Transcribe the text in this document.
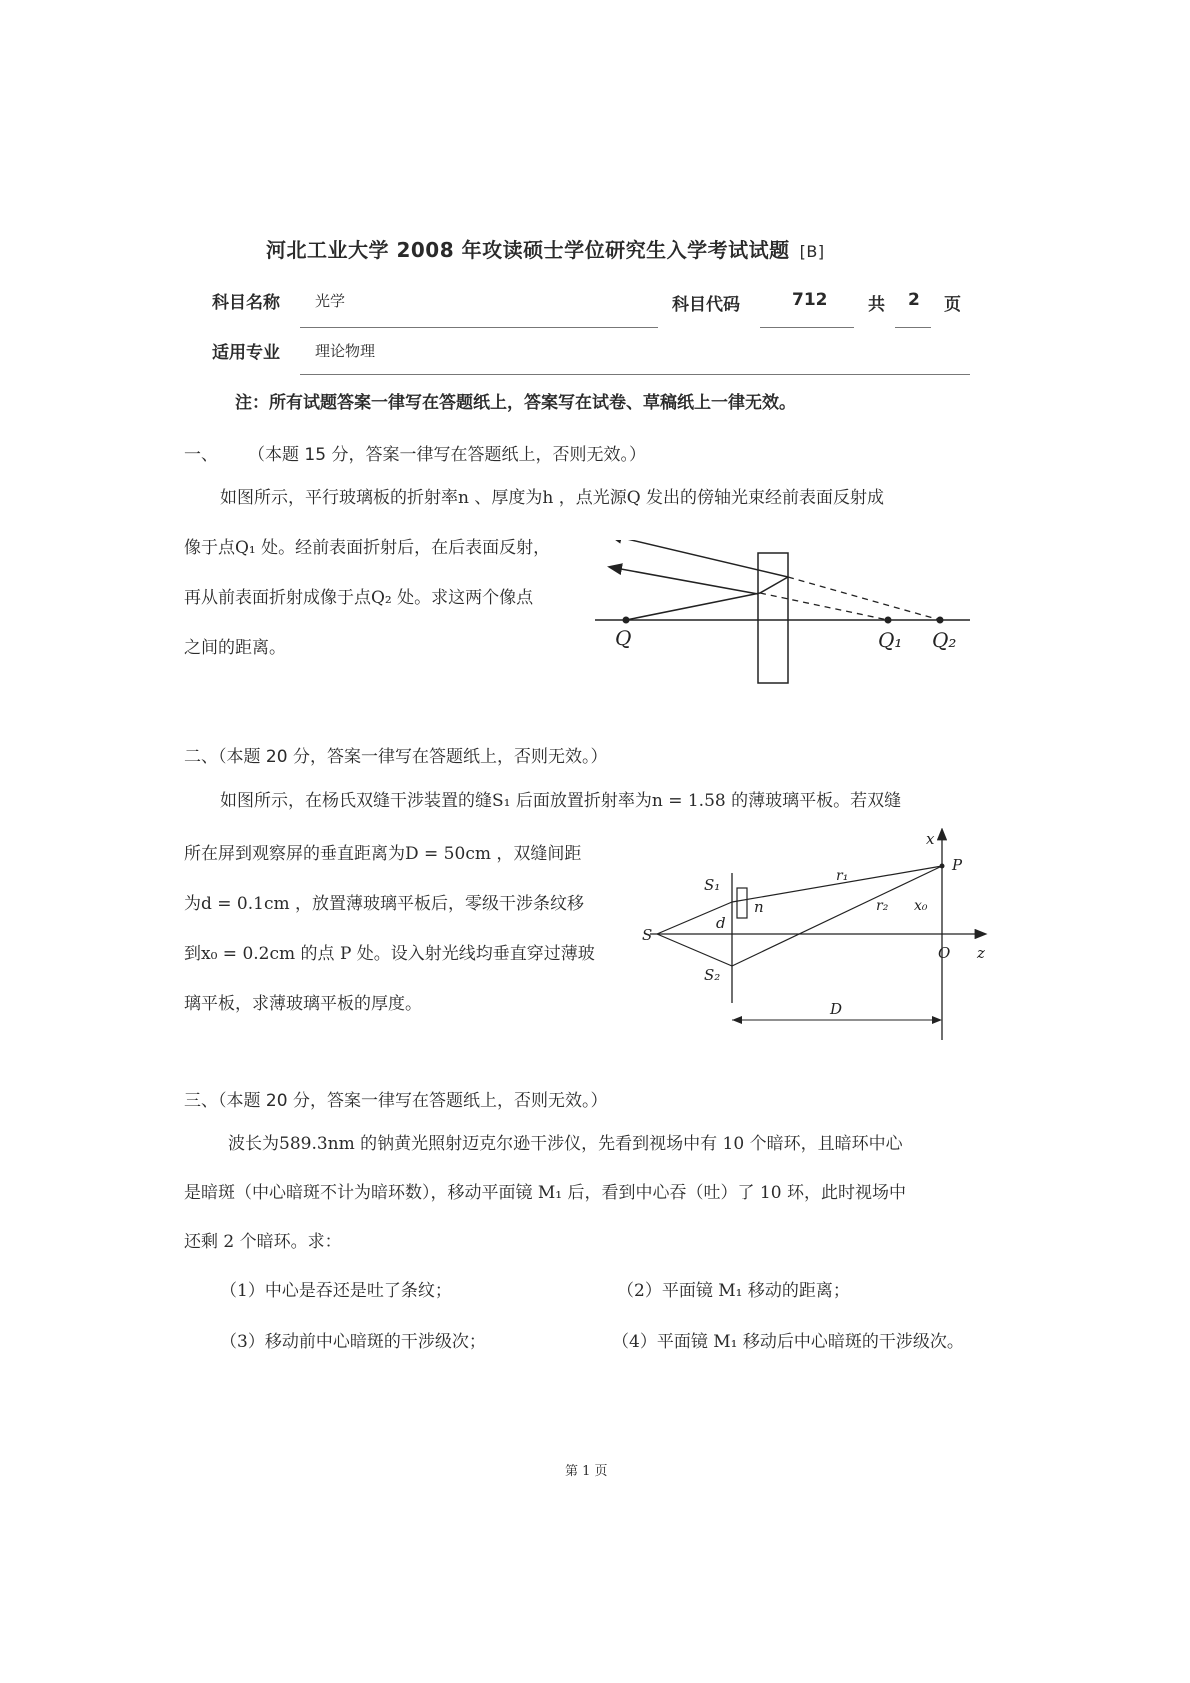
河北工业大学 2008 年攻读硕士学位研究生入学考试试题 [B]
科目名称 光学	科目代码	712 共 2 页
适用专业 理论物理
注：所有试题答案一律写在答题纸上，答案写在试卷、草稿纸上一律无效。
一、 （本题 15 分，答案一律写在答题纸上，否则无效。）
如图所示，平行玻璃板的折射率n 、厚度为h ，点光源Q 发出的傍轴光束经前表面反射成
像于点Q₁ 处。经前表面折射后，在后表面反射，
再从前表面折射成像于点Q₂ 处。求这两个像点
之间的距离。	Q	Q₁ Q₂
二、（本题 20 分，答案一律写在答题纸上，否则无效。）
如图所示，在杨氏双缝干涉装置的缝S₁ 后面放置折射率为n = 1.58 的薄玻璃平板。若双缝
所在屏到观察屏的垂直距离为D = 50cm ，双缝间距
为d = 0.1cm ，放置薄玻璃平板后，零级干涉条纹移
到x₀ = 0.2cm 的点 P 处。设入射光线均垂直穿过薄玻
璃平板，求薄玻璃平板的厚度。
x
P
r₁
r₂ x₀
S₁
n
d
S
O z
S₂
D
三、（本题 20 分，答案一律写在答题纸上，否则无效。）
波长为589.3nm 的钠黄光照射迈克尔逊干涉仪，先看到视场中有 10 个暗环，且暗环中心
是暗斑（中心暗斑不计为暗环数），移动平面镜 M₁ 后，看到中心吞（吐）了 10 环，此时视场中
还剩 2 个暗环。求：
（1）中心是吞还是吐了条纹；	（2）平面镜 M₁ 移动的距离；
（3）移动前中心暗斑的干涉级次；	（4）平面镜 M₁ 移动后中心暗斑的干涉级次。
第 1 页
